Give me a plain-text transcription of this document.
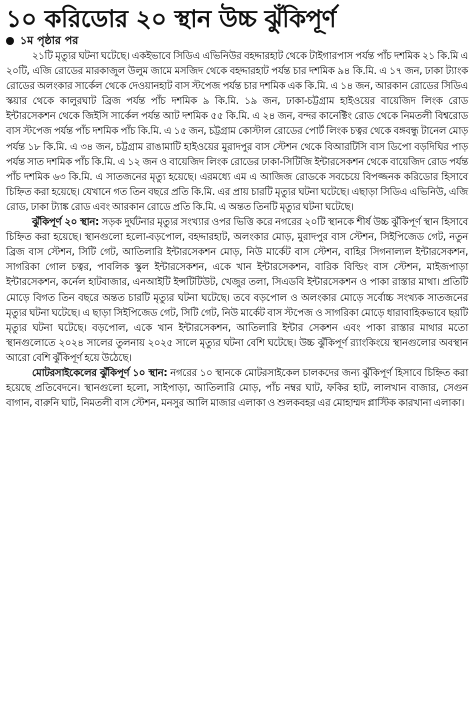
১০ করিডোর ২০ স্থান উচ্চ ঝুঁকিপূর্ণ
১ম পৃষ্ঠার পর

২১টি মৃত্যুর ঘটনা ঘটেছে। একইভাবে সিডিএ এভিনিউর বহদ্দারহাট থেকে টাইগারপাস পর্যন্ত পাঁচ দশমিক ২১ কি.মি এ ২০টি, এজি রোডের মারকাজুল উলুম জামে মসজিদ থেকে বহদ্দারহাট পর্যন্ত চার দশমিক ৯৪ কি.মি. এ ১৭ জন, ঢাকা ট্যাংক রোডের অলংকার সার্কেল থেকে দেওয়ানহাট বাস স্টপেজ পর্যন্ত চার দশমিক এক কি.মি. এ ১৪ জন, আরকান রোডের সিডিএ স্কয়ার থেকে কালুরঘাট ব্রিজ পর্যন্ত পাঁচ দশমিক ৯ কি.মি. ১৯ জন, ঢাকা-চট্টগ্রাম হাইওয়ের বায়েজিদ লিংক রোড ইন্টারসেকশন থেকে জিইসি সার্কেল পর্যন্ত আট দশমিক ৫৫ কি.মি. এ ২৪ জন, বন্দর কানেক্টিং রোড থেকে নিমতলী বিশ্বরোড বাস স্টপেজ পর্যন্ত পাঁচ দশমিক পাঁচ কি.মি. এ ১৫ জন, চট্টগ্রাম কোস্টাল রোডের পোর্ট লিংক চত্বর থেকে বঙ্গবন্ধু টানেল মোড় পর্যন্ত ১৮ কি.মি. এ ৩৪ জন, চট্টগ্রাম রাঙামাটি হাইওয়ের মুরাদপুর বাস স্টেশন থেকে বিআরটিসি বাস ডিপো বড়দিঘির পাড় পর্যন্ত সাত দশমিক পাঁচ কি.মি. এ ১২ জন ও বায়েজিদ লিংক রোডের ঢাকা-সিটিজি ইন্টারসেকশন থেকে বায়েজিদ রোড পর্যন্ত পাঁচ দশমিক ৬৩ কি.মি. এ সাতজনের মৃত্যু হয়েছে। এরমধ্যে এম এ আজিজ রোডকে সবচেয়ে বিপজ্জনক করিডোর হিসাবে চিহ্নিত করা হয়েছে। যেখানে গত তিন বছরে প্রতি কি.মি. এর প্রায় চারটি মৃত্যুর ঘটনা ঘটেছে। এছাড়া সিডিএ এভিনিউ, এজি রোড, ঢাকা ট্যাঙ্ক রোড এবং আরকান রোডে প্রতি কি.মি. এ অন্তত তিনটি মৃত্যুর ঘটনা ঘটেছে।

ঝুঁকিপূর্ণ ২০ স্থান: সড়ক দুর্ঘটনার মৃত্যুর সংখ্যার ওপর ভিত্তি করে নগরের ২০টি স্থানকে শীর্ষ উচ্চ ঝুঁকিপূর্ণ স্থান হিসাবে চিহ্নিত করা হয়েছে। স্থানগুলো হলো-বড়পোল, বহদ্দারহাট, অলংকার মোড়, মুরাদপুর বাস স্টেশন, সিইপিজেড গেট, নতুন ব্রিজ বাস স্টেশন, সিটি গেট, আতিলারি ইন্টারসেকশন মোড়, নিউ মার্কেট বাস স্টেশন, বাহির সিগনাল্যল ইন্টারসেকশন, সাগরিকা গোল চত্বর, পাবলিক স্কুল ইন্টারসেকশন, একে খান ইন্টারসেকশন, বারিক বিল্ডিং বাস স্টেশন, মাইজপাড়া ইন্টারসেকশন, কর্নেল হাটবাজার, এনআইটি ইন্সটিটিউট, খেজুর তলা, সিএডবি ইন্টারসেকশন ও পাকা রাস্তার মাথা। প্রতিটি মোড়ে বিগত তিন বছরে অন্তত চারটি মৃত্যুর ঘটনা ঘটেছে। তবে বড়পোল ও অলংকার মোড়ে সর্বোচ্চ সংখ্যক সাতজনের মৃত্যুর ঘটনা ঘটেছে। এ ছাড়া সিইপিজেড গেট, সিটি গেট, নিউ মার্কেট বাস স্টপেজ ও সাগরিকা মোড়ে ধারাবাহিকভাবে ছয়টি মৃত্যুর ঘটনা ঘটেছে। বড়পোল, একে খান ইন্টারসেকশন, আতিলারি ইন্টার সেকশন এবং পাকা রাস্তার মাথার মতো স্থানগুলোতে ২০২৪ সালের তুলনায় ২০২৫ সালে মৃত্যুর ঘটনা বেশি ঘটেছে। উচ্চ ঝুঁকিপূর্ণ র‌্যাংকিংয়ে স্থানগুলোর অবস্থান আরো বেশি ঝুঁকিপূর্ণ হয়ে উঠেছে।

মোটরসাইকেলের ঝুঁকিপূর্ণ ১০ স্থান: নগরের ১০ স্থানকে মোটরসাইকেল চালকদের জন্য ঝুঁকিপূর্ণ হিসাবে চিহ্নিত করা হয়েছে প্রতিবেদনে। স্থানগুলো হলো, সাইপাড়া, আতিলারি মোড়, পাঁচ নম্বর ঘাট, ফকির হাট, লালখান বাজার, সেগুন বাগান, বারুনি ঘাট, নিমতলী বাস স্টেশন, মনসুর আলি মাজার এলাকা ও শুলকবহর এর মোহাম্মদ প্লাস্টিক কারখানা এলাকা।
